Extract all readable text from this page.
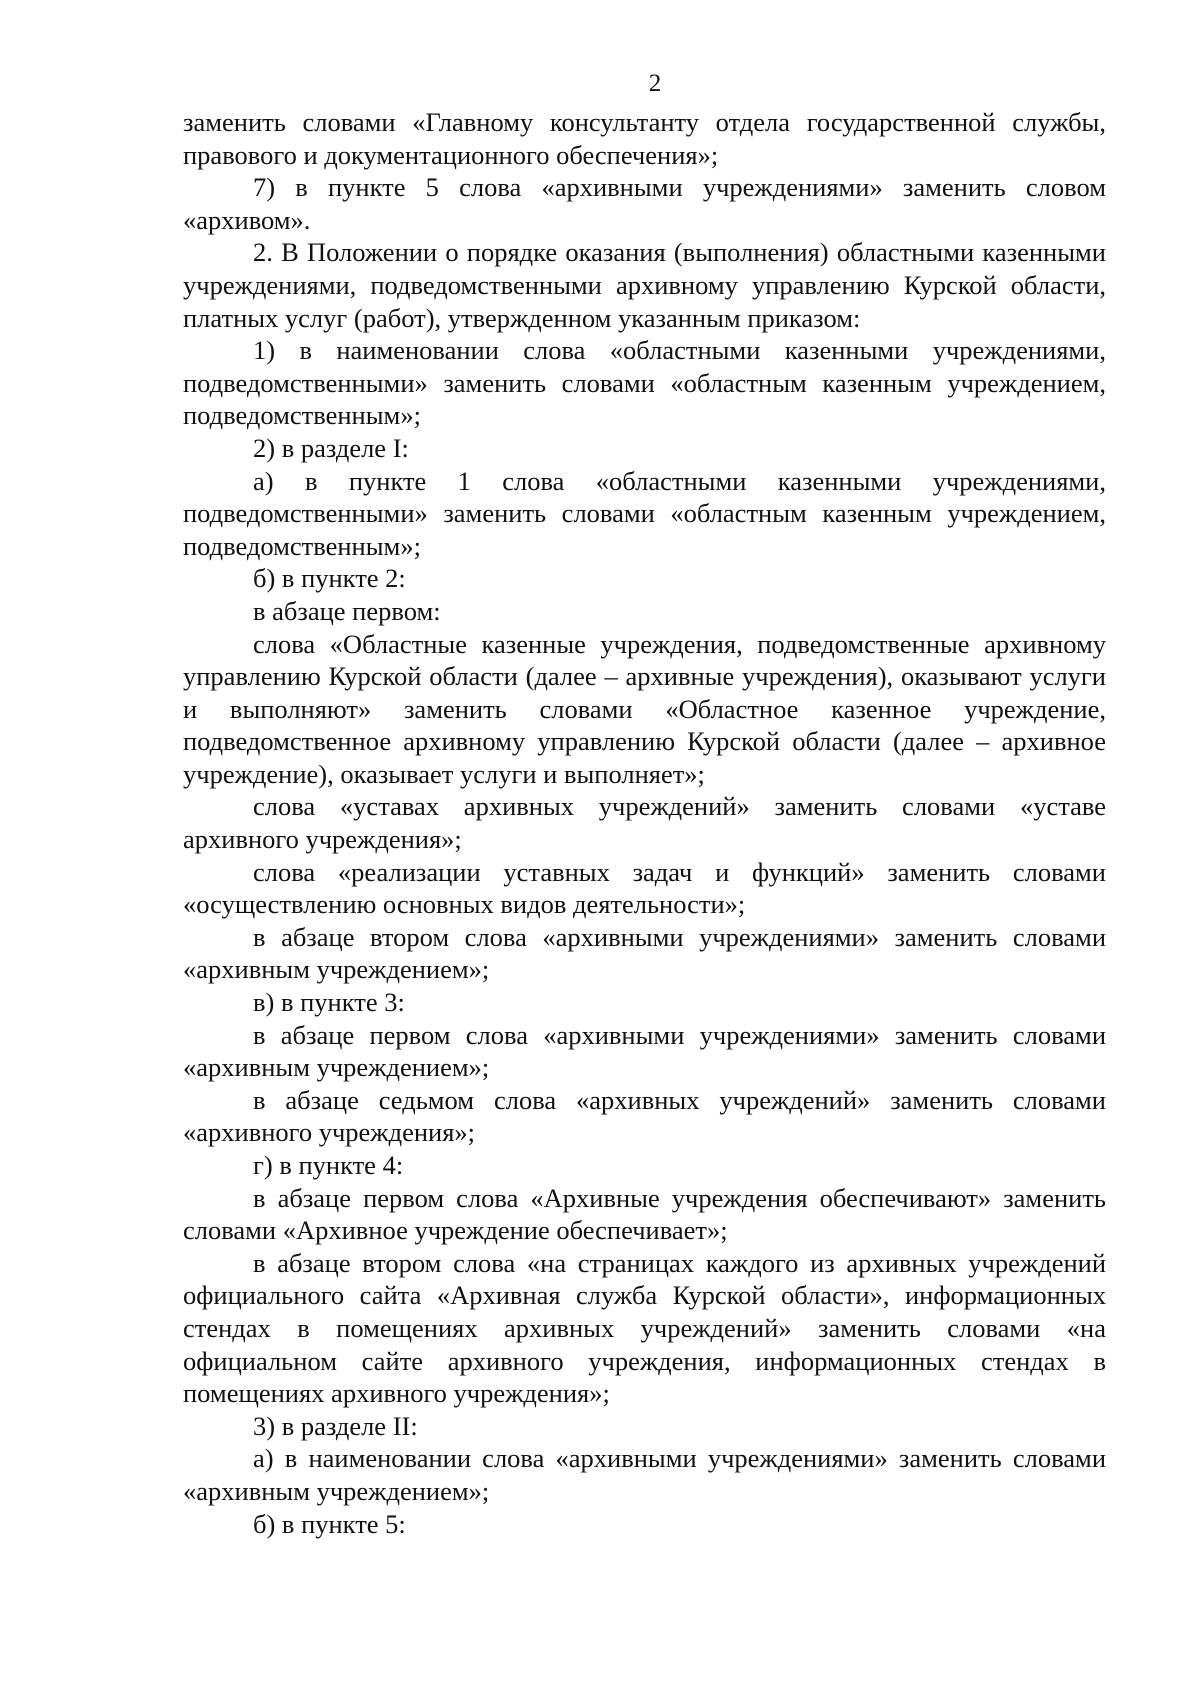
2

заменить словами «Главному консультанту отдела государственной службы, правового и документационного обеспечения»;

7) в пункте 5 слова «архивными учреждениями» заменить словом «архивом».

2. В Положении о порядке оказания (выполнения) областными казенными учреждениями, подведомственными архивному управлению Курской области, платных услуг (работ), утвержденном указанным приказом:

1) в наименовании слова «областными казенными учреждениями, подведомственными» заменить словами «областным казенным учреждением, подведомственным»;

2) в разделе I:

а) в пункте 1 слова «областными казенными учреждениями, подведомственными» заменить словами «областным казенным учреждением, подведомственным»;

б) в пункте 2:

в абзаце первом:

слова «Областные казенные учреждения, подведомственные архивному управлению Курской области (далее – архивные учреждения), оказывают услуги и выполняют» заменить словами «Областное казенное учреждение, подведомственное архивному управлению Курской области (далее – архивное учреждение), оказывает услуги и выполняет»;

слова «уставах архивных учреждений» заменить словами «уставе архивного учреждения»;

слова «реализации уставных задач и функций» заменить словами «осуществлению основных видов деятельности»;

в абзаце втором слова «архивными учреждениями» заменить словами «архивным учреждением»;

в) в пункте 3:

в абзаце первом слова «архивными учреждениями» заменить словами «архивным учреждением»;

в абзаце седьмом слова «архивных учреждений» заменить словами «архивного учреждения»;

г) в пункте 4:

в абзаце первом слова «Архивные учреждения обеспечивают» заменить словами «Архивное учреждение обеспечивает»;

в абзаце втором слова «на страницах каждого из архивных учреждений официального сайта «Архивная служба Курской области», информационных стендах в помещениях архивных учреждений» заменить словами «на официальном сайте архивного учреждения, информационных стендах в помещениях архивного учреждения»;

3) в разделе II:

а) в наименовании слова «архивными учреждениями» заменить словами «архивным учреждением»;

б) в пункте 5:
